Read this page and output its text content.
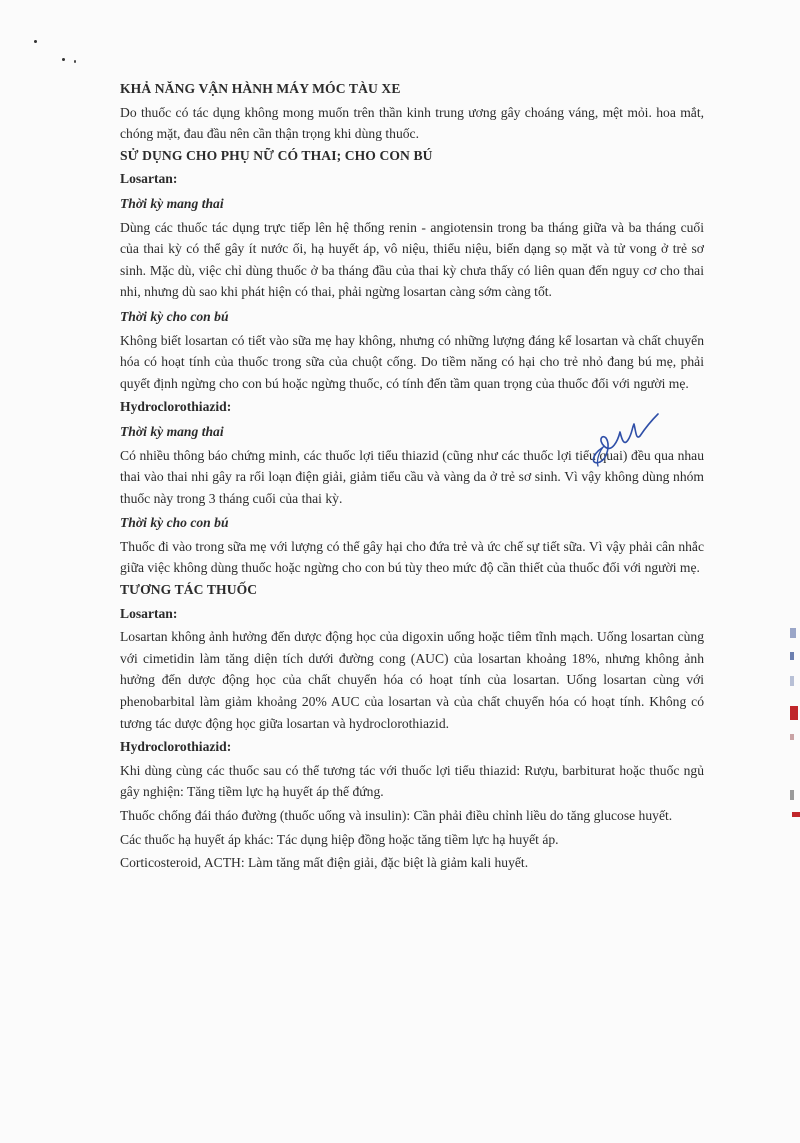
KHẢ NĂNG VẬN HÀNH MÁY MÓC TÀU XE
Do thuốc có tác dụng không mong muốn trên thần kinh trung ương gây choáng váng, mệt mỏi. hoa mắt, chóng mặt, đau đầu nên cần thận trọng khi dùng thuốc.
SỬ DỤNG CHO PHỤ NỮ CÓ THAI; CHO CON BÚ
Losartan:
Thời kỳ mang thai
Dùng các thuốc tác dụng trực tiếp lên hệ thống renin - angiotensin trong ba tháng giữa và ba tháng cuối của thai kỳ có thể gây ít nước ối, hạ huyết áp, vô niệu, thiểu niệu, biến dạng sọ mặt và tử vong ở trẻ sơ sinh. Mặc dù, việc chỉ dùng thuốc ở ba tháng đầu của thai kỳ chưa thấy có liên quan đến nguy cơ cho thai nhi, nhưng dù sao khi phát hiện có thai, phải ngừng losartan càng sớm càng tốt.
Thời kỳ cho con bú
Không biết losartan có tiết vào sữa mẹ hay không, nhưng có những lượng đáng kể losartan và chất chuyển hóa có hoạt tính của thuốc trong sữa của chuột cống. Do tiềm năng có hại cho trẻ nhỏ đang bú mẹ, phải quyết định ngừng cho con bú hoặc ngừng thuốc, có tính đến tầm quan trọng của thuốc đối với người mẹ.
Hydroclorothiazid:
Thời kỳ mang thai
Có nhiều thông báo chứng minh, các thuốc lợi tiểu thiazid (cũng như các thuốc lợi tiểu quai) đều qua nhau thai vào thai nhi gây ra rối loạn điện giải, giảm tiểu cầu và vàng da ở trẻ sơ sinh. Vì vậy không dùng nhóm thuốc này trong 3 tháng cuối của thai kỳ.
Thời kỳ cho con bú
Thuốc đi vào trong sữa mẹ với lượng có thể gây hại cho đứa trẻ và ức chế sự tiết sữa. Vì vậy phải cân nhắc giữa việc không dùng thuốc hoặc ngừng cho con bú tùy theo mức độ cần thiết của thuốc đối với người mẹ.
TƯƠNG TÁC THUỐC
Losartan:
Losartan không ảnh hưởng đến dược động học của digoxin uống hoặc tiêm tĩnh mạch. Uống losartan cùng với cimetidin làm tăng diện tích dưới đường cong (AUC) của losartan khoảng 18%, nhưng không ảnh hưởng đến dược động học của chất chuyển hóa có hoạt tính của losartan. Uống losartan cùng với phenobarbital làm giảm khoảng 20% AUC của losartan và của chất chuyển hóa có hoạt tính. Không có tương tác dược động học giữa losartan và hydroclorothiazid.
Hydroclorothiazid:
Khi dùng cùng các thuốc sau có thể tương tác với thuốc lợi tiểu thiazid: Rượu, barbiturat hoặc thuốc ngủ gây nghiện: Tăng tiềm lực hạ huyết áp thế đứng.
Thuốc chống đái tháo đường (thuốc uống và insulin): Cần phải điều chỉnh liều do tăng glucose huyết.
Các thuốc hạ huyết áp khác: Tác dụng hiệp đồng hoặc tăng tiềm lực hạ huyết áp.
Corticosteroid, ACTH: Làm tăng mất điện giải, đặc biệt là giảm kali huyết.
